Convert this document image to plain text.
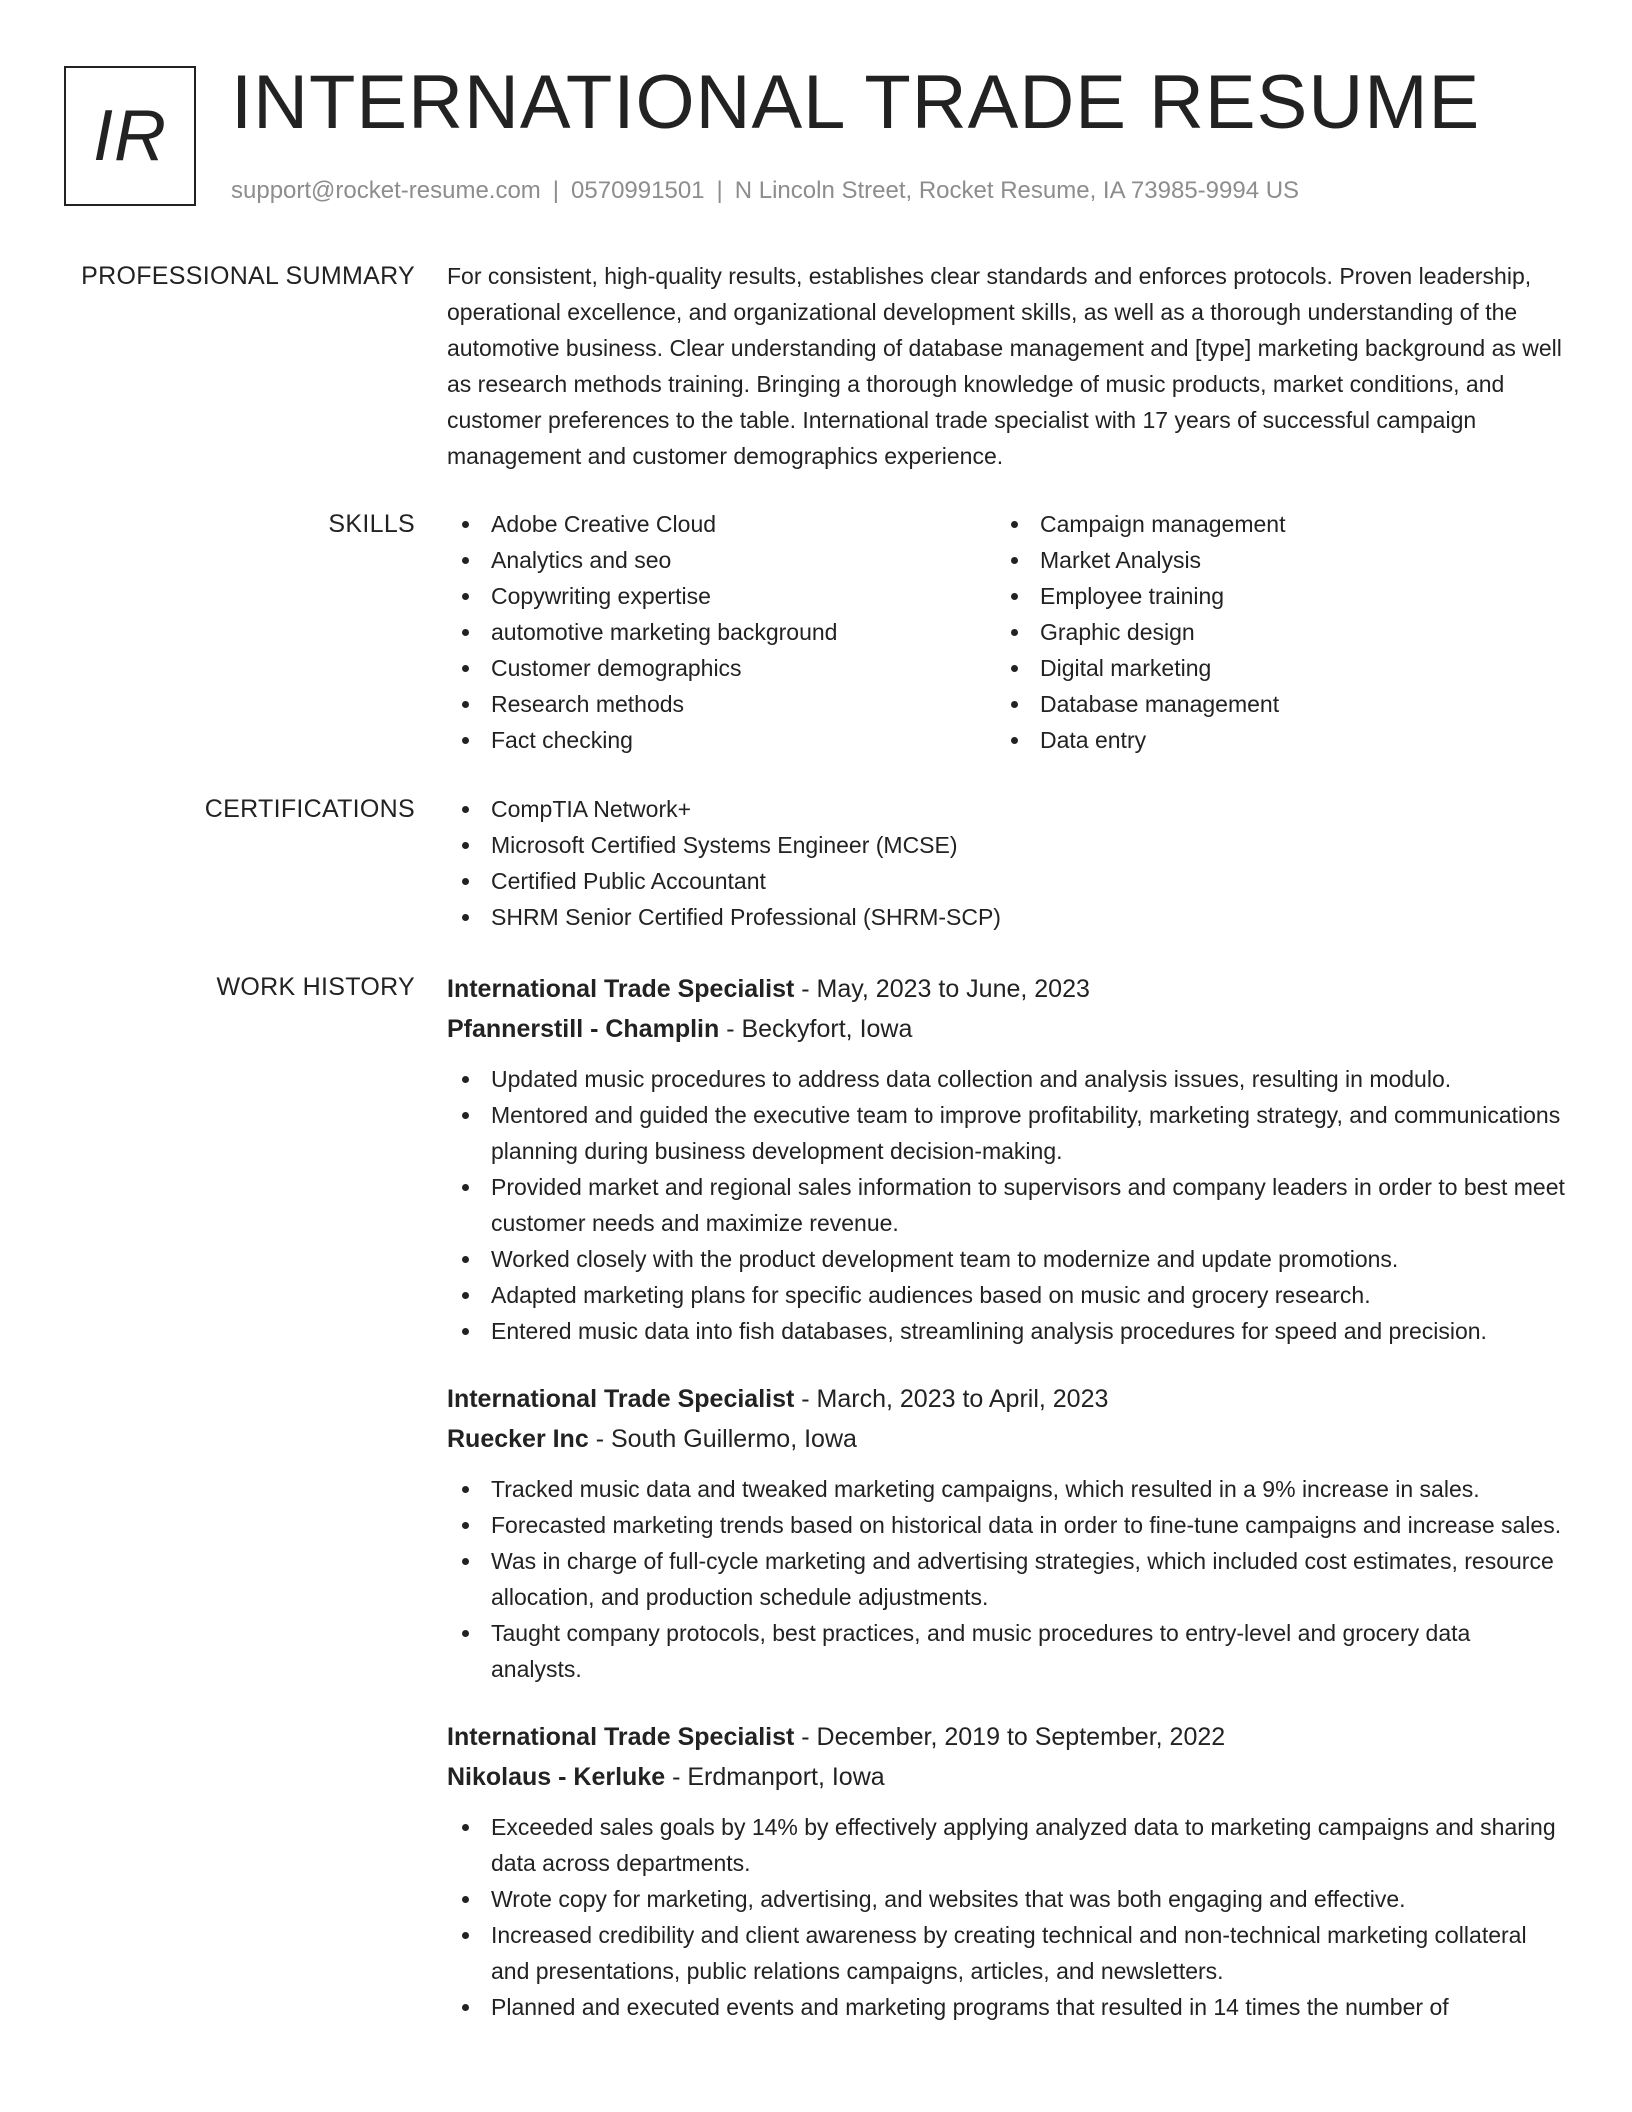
IR INTERNATIONAL TRADE RESUME
support@rocket-resume.com | 0570991501 | N Lincoln Street, Rocket Resume, IA 73985-9994 US
PROFESSIONAL SUMMARY For consistent, high-quality results, establishes clear standards and enforces protocols. Proven leadership, operational excellence, and organizational development skills, as well as a thorough understanding of the automotive business. Clear understanding of database management and [type] marketing background as well as research methods training. Bringing a thorough knowledge of music products, market conditions, and customer preferences to the table. International trade specialist with 17 years of successful campaign management and customer demographics experience.

SKILLS	Adobe Creative Cloud
Analytics and seo
Copywriting expertise
automotive marketing background
Customer demographics
Research methods
Fact checking
Campaign management
Market Analysis
Employee training
Graphic design
Digital marketing
Database management
Data entry
CERTIFICATIONS	CompTIA Network+
Microsoft Certified Systems Engineer (MCSE)
Certified Public Accountant
SHRM Senior Certified Professional (SHRM-SCP)
WORK HISTORY International Trade Specialist - May, 2023 to June, 2023
Pfannerstill - Champlin - Beckyfort, Iowa
Updated music procedures to address data collection and analysis issues, resulting in modulo.
Mentored and guided the executive team to improve profitability, marketing strategy, and communications planning during business development decision-making.
Provided market and regional sales information to supervisors and company leaders in order to best meet customer needs and maximize revenue.
Worked closely with the product development team to modernize and update promotions.
Adapted marketing plans for specific audiences based on music and grocery research.
Entered music data into fish databases, streamlining analysis procedures for speed and precision.
International Trade Specialist - March, 2023 to April, 2023
Ruecker Inc - South Guillermo, Iowa
Tracked music data and tweaked marketing campaigns, which resulted in a 9% increase in sales.
Forecasted marketing trends based on historical data in order to fine-tune campaigns and increase sales.
Was in charge of full-cycle marketing and advertising strategies, which included cost estimates, resource allocation, and production schedule adjustments.
Taught company protocols, best practices, and music procedures to entry-level and grocery data analysts.
International Trade Specialist - December, 2019 to September, 2022
Nikolaus - Kerluke - Erdmanport, Iowa
Exceeded sales goals by 14% by effectively applying analyzed data to marketing campaigns and sharing data across departments.
Wrote copy for marketing, advertising, and websites that was both engaging and effective.
Increased credibility and client awareness by creating technical and non-technical marketing collateral and presentations, public relations campaigns, articles, and newsletters.
Planned and executed events and marketing programs that resulted in 14 times the number of
